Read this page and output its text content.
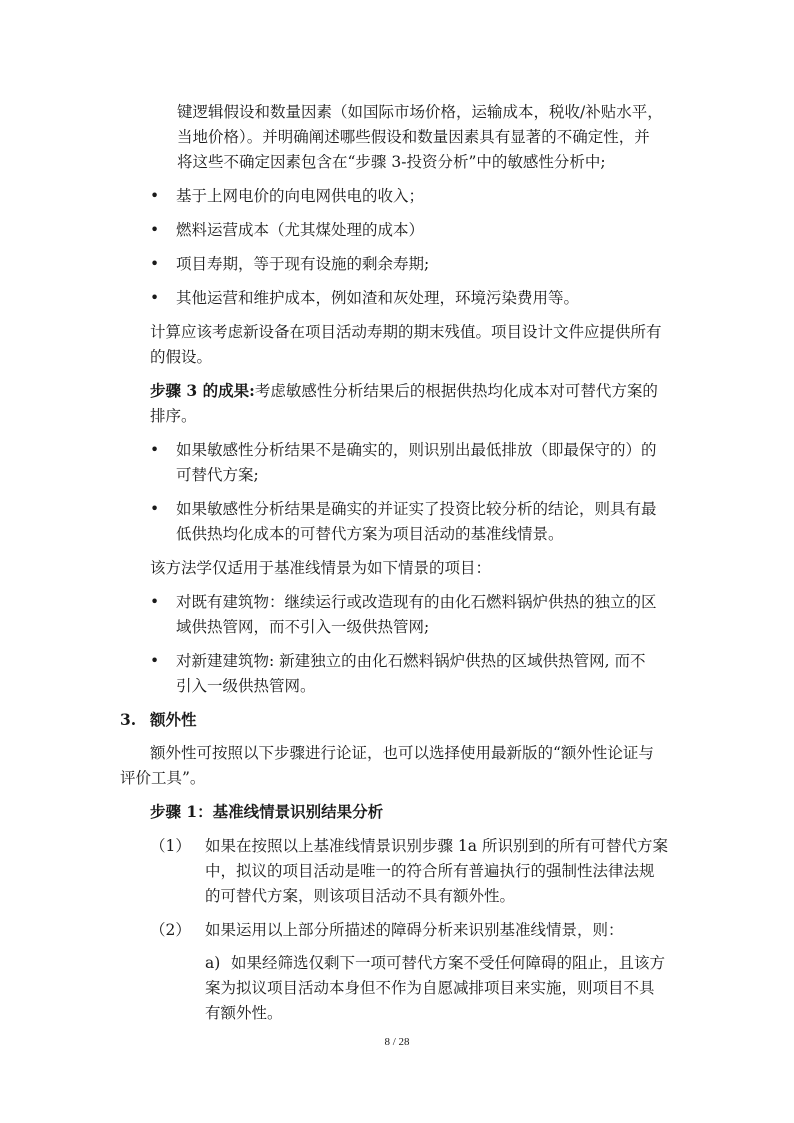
键逻辑假设和数量因素（如国际市场价格，运输成本，税收/补贴水平，
当地价格）。并明确阐述哪些假设和数量因素具有显著的不确定性，并
将这些不确定因素包含在“步骤 3-投资分析”中的敏感性分析中;
• 基于上网电价的向电网供电的收入；
• 燃料运营成本（尤其煤处理的成本）
• 项目寿期，等于现有设施的剩余寿期;
• 其他运营和维护成本，例如渣和灰处理，环境污染费用等。
计算应该考虑新设备在项目活动寿期的期末残值。项目设计文件应提供所有
的假设。
步骤 3 的成果:考虑敏感性分析结果后的根据供热均化成本对可替代方案的
排序。
• 如果敏感性分析结果不是确实的，则识别出最低排放（即最保守的）的
可替代方案;
• 如果敏感性分析结果是确实的并证实了投资比较分析的结论，则具有最
低供热均化成本的可替代方案为项目活动的基准线情景。
该方法学仅适用于基准线情景为如下情景的项目：
• 对既有建筑物：继续运行或改造现有的由化石燃料锅炉供热的独立的区
域供热管网，而不引入一级供热管网;
• 对新建建筑物: 新建独立的由化石燃料锅炉供热的区域供热管网, 而不
引入一级供热管网。
3. 额外性
额外性可按照以下步骤进行论证，也可以选择使用最新版的“额外性论证与
评价工具”。
步骤 1：基准线情景识别结果分析
（1） 如果在按照以上基准线情景识别步骤 1a 所识别到的所有可替代方案
中，拟议的项目活动是唯一的符合所有普遍执行的强制性法律法规
的可替代方案，则该项目活动不具有额外性。
（2） 如果运用以上部分所描述的障碍分析来识别基准线情景，则：
a) 如果经筛选仅剩下一项可替代方案不受任何障碍的阻止，且该方
案为拟议项目活动本身但不作为自愿减排项目来实施，则项目不具
有额外性。
8 / 28
